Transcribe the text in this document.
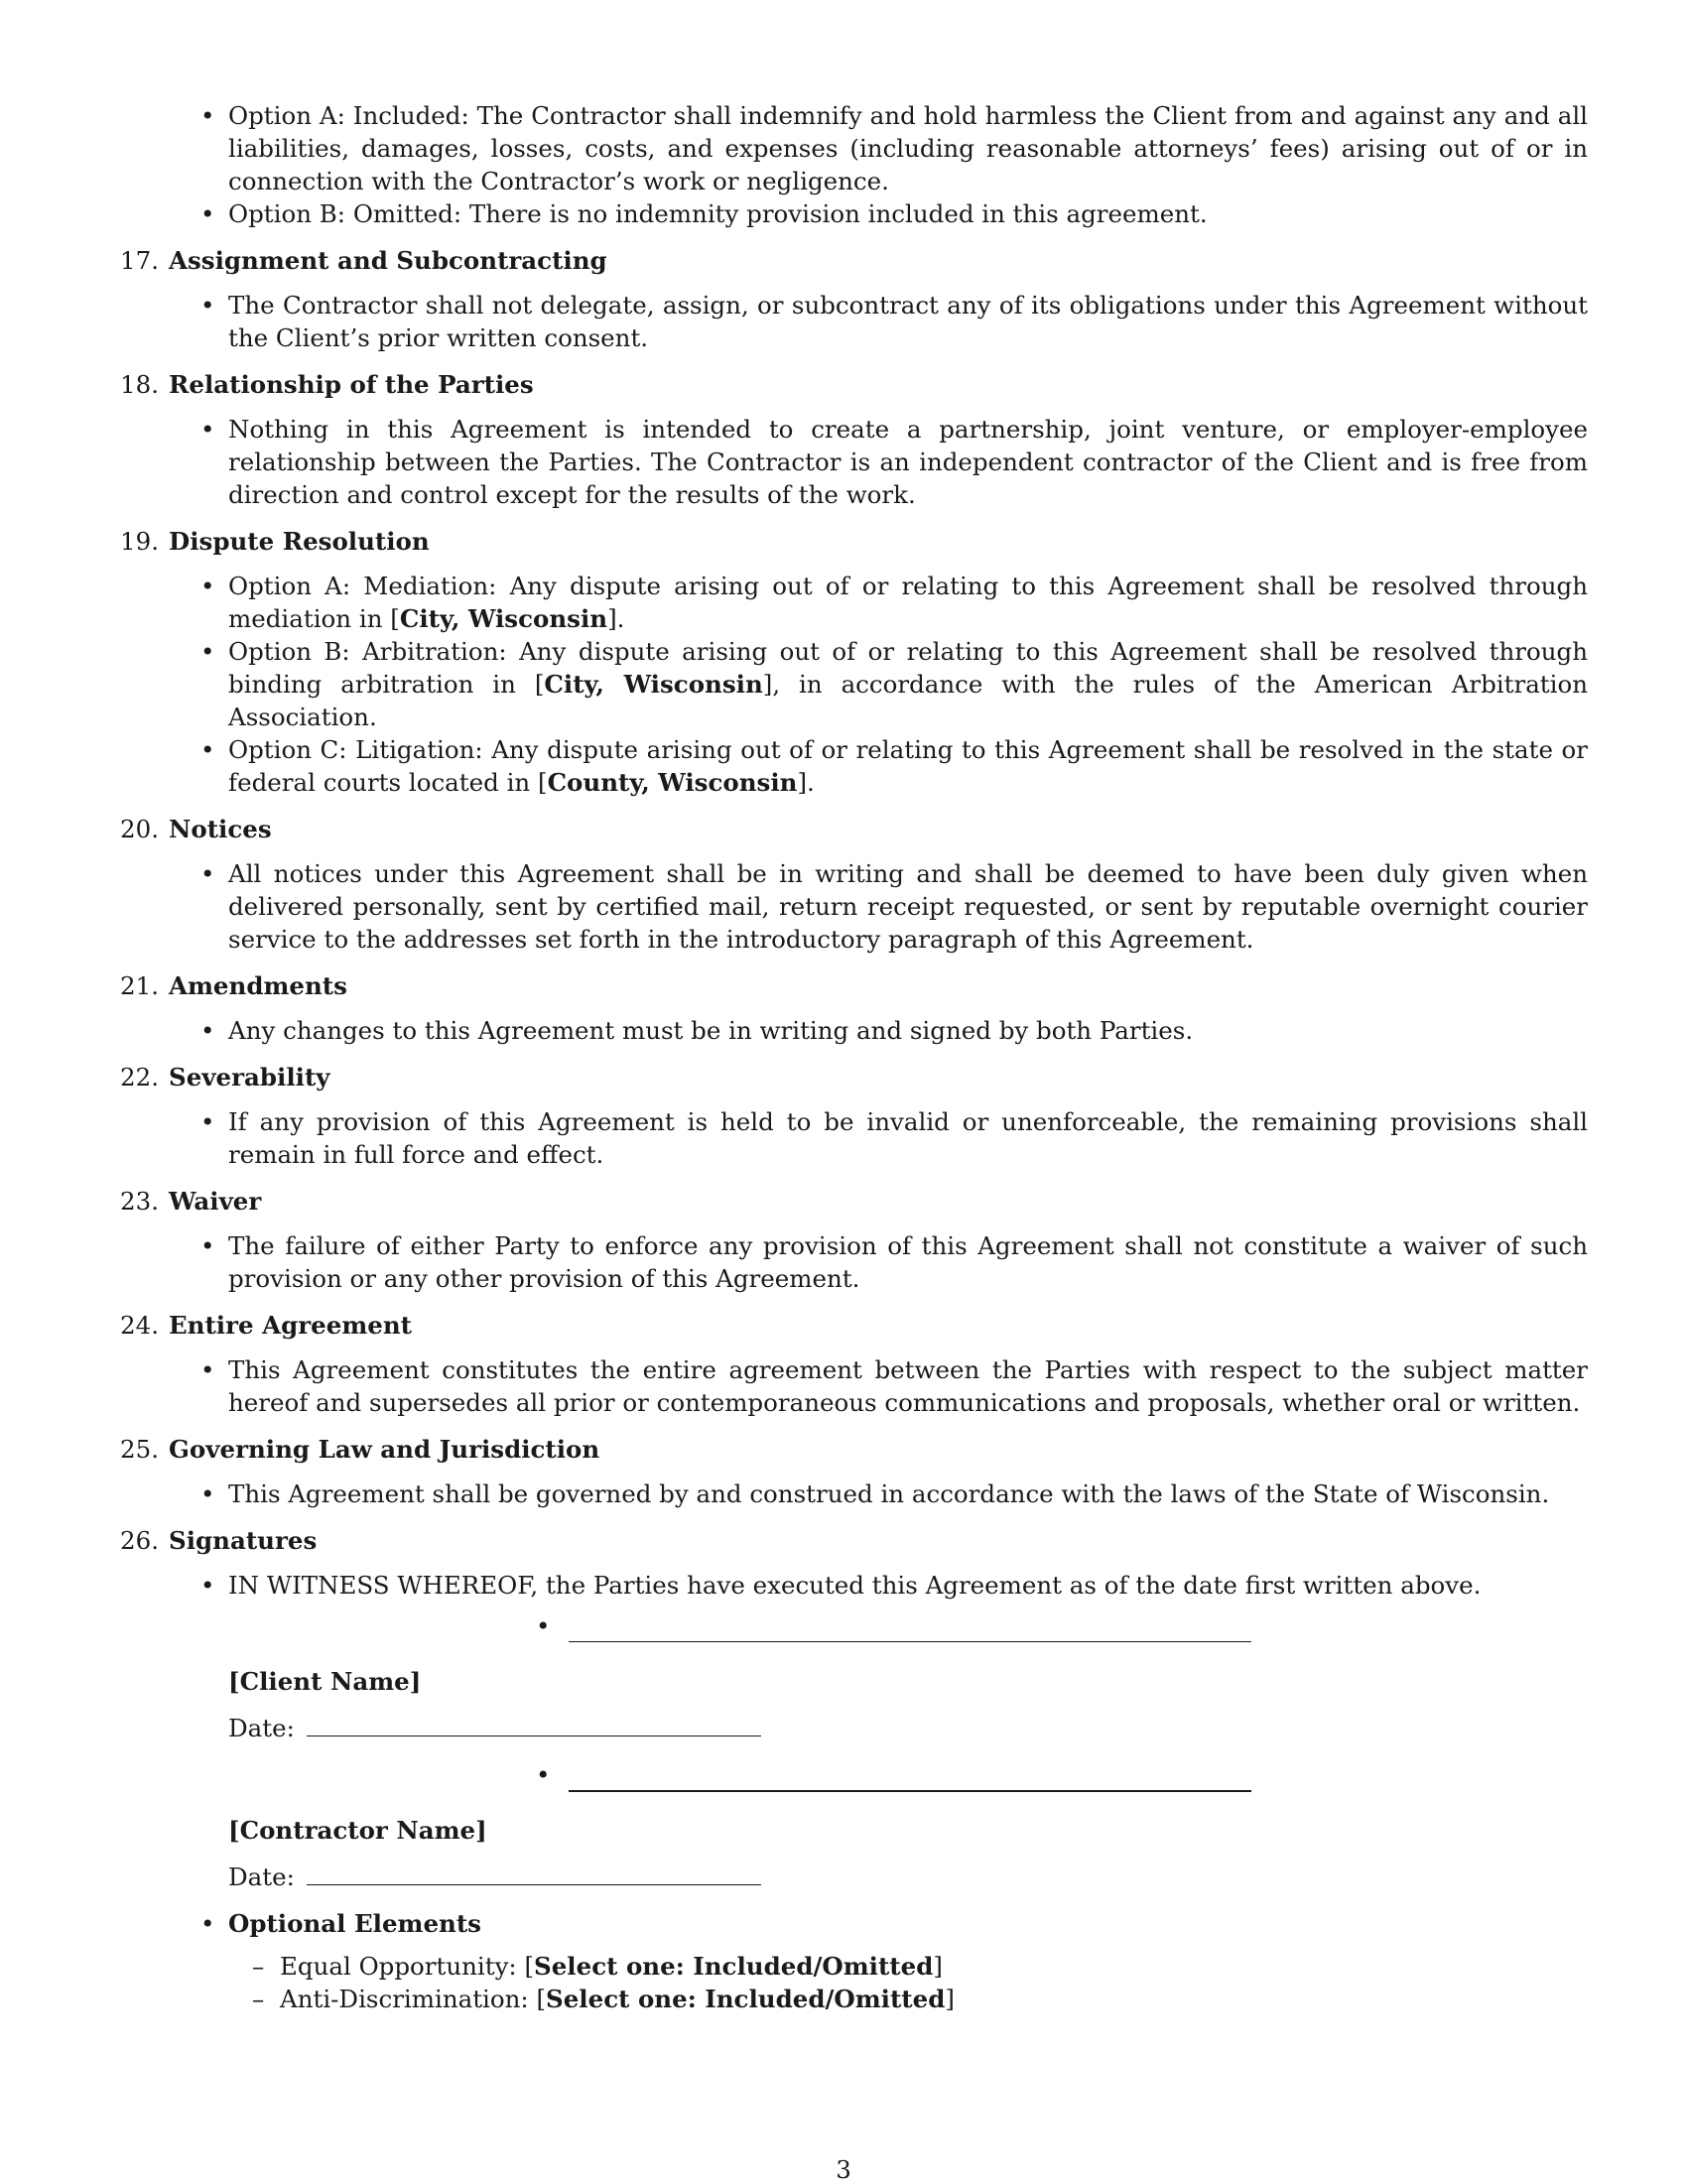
• Option A: Included: The Contractor shall indemnify and hold harmless the Client from and against any and all liabilities, damages, losses, costs, and expenses (including reasonable attorneys’ fees) arising out of or in connection with the Contractor’s work or negligence.
• Option B: Omitted: There is no indemnity provision included in this agreement.
17. Assignment and Subcontracting
• The Contractor shall not delegate, assign, or subcontract any of its obligations under this Agreement without the Client’s prior written consent.
18. Relationship of the Parties
• Nothing in this Agreement is intended to create a partnership, joint venture, or employer-employee relationship between the Parties. The Contractor is an independent contractor of the Client and is free from direction and control except for the results of the work.
19. Dispute Resolution
• Option A: Mediation: Any dispute arising out of or relating to this Agreement shall be resolved through mediation in [City, Wisconsin].
• Option B: Arbitration: Any dispute arising out of or relating to this Agreement shall be resolved through binding arbitration in [City, Wisconsin], in accordance with the rules of the American Arbitration Association.
• Option C: Litigation: Any dispute arising out of or relating to this Agreement shall be resolved in the state or federal courts located in [County, Wisconsin].
20. Notices
• All notices under this Agreement shall be in writing and shall be deemed to have been duly given when delivered personally, sent by certified mail, return receipt requested, or sent by reputable overnight courier service to the addresses set forth in the introductory paragraph of this Agreement.
21. Amendments
• Any changes to this Agreement must be in writing and signed by both Parties.
22. Severability
• If any provision of this Agreement is held to be invalid or unenforceable, the remaining provisions shall remain in full force and effect.
23. Waiver
• The failure of either Party to enforce any provision of this Agreement shall not constitute a waiver of such provision or any other provision of this Agreement.
24. Entire Agreement
• This Agreement constitutes the entire agreement between the Parties with respect to the subject matter hereof and supersedes all prior or contemporaneous communications and proposals, whether oral or written.
25. Governing Law and Jurisdiction
• This Agreement shall be governed by and construed in accordance with the laws of the State of Wisconsin.
26. Signatures
• IN WITNESS WHEREOF, the Parties have executed this Agreement as of the date first written above.
•
[Client Name]
Date:
•
[Contractor Name]
Date:
• Optional Elements
– Equal Opportunity: [Select one: Included/Omitted]
– Anti-Discrimination: [Select one: Included/Omitted]
3
